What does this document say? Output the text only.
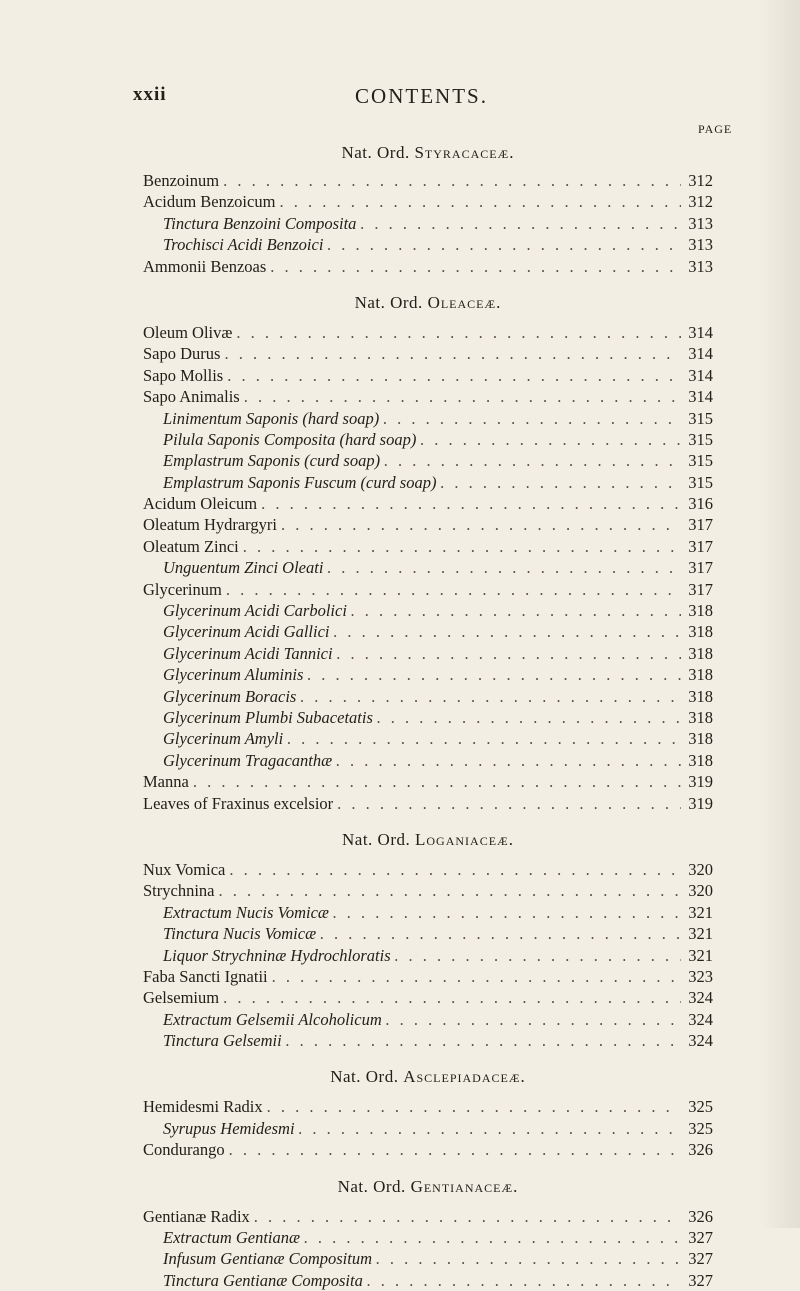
xxii	CONTENTS.
PAGE
Nat. Ord. Styracaceæ.
Benzoinum . . .	312
Acidum Benzoicum . . .	312
Tinctura Benzoini Composita . . .	313
Trochisci Acidi Benzoici . . .	313
Ammonii Benzoas . . .	313
Nat. Ord. Oleaceæ.
Oleum Olivæ . . .	314
Sapo Durus . . .	314
Sapo Mollis . . .	314
Sapo Animalis . . .	314
Linimentum Saponis (hard soap) . . .	315
Pilula Saponis Composita (hard soap) . . .	315
Emplastrum Saponis (curd soap) . . .	315
Emplastrum Saponis Fuscum (curd soap) . . .	315
Acidum Oleicum . . .	316
Oleatum Hydrargyri . . .	317
Oleatum Zinci . . .	317
Unguentum Zinci Oleati . . .	317
Glycerinum . . .	317
Glycerinum Acidi Carbolici . . .	318
Glycerinum Acidi Gallici . . .	318
Glycerinum Acidi Tannici . . .	318
Glycerinum Aluminis . . .	318
Glycerinum Boracis . . .	318
Glycerinum Plumbi Subacetatis . . .	318
Glycerinum Amyli . . .	318
Glycerinum Tragacanthæ . . .	318
Manna . . .	319
Leaves of Fraxinus excelsior . . .	319
Nat. Ord. Loganiaceæ.
Nux Vomica . . .	320
Strychnina . . .	320
Extractum Nucis Vomicæ . . .	321
Tinctura Nucis Vomicæ . . .	321
Liquor Strychninæ Hydrochloratis . . .	321
Faba Sancti Ignatii . . .	323
Gelsemium . . .	324
Extractum Gelsemii Alcoholicum . . .	324
Tinctura Gelsemii . . .	324
Nat. Ord. Asclepiadaceæ.
Hemidesmi Radix . . .	325
Syrupus Hemidesmi . . .	325
Condurango . . .	326
Nat. Ord. Gentianaceæ.
Gentianæ Radix . . .	326
Extractum Gentianæ . . .	327
Infusum Gentianæ Compositum . . .	327
Tinctura Gentianæ Composita . . .	327
